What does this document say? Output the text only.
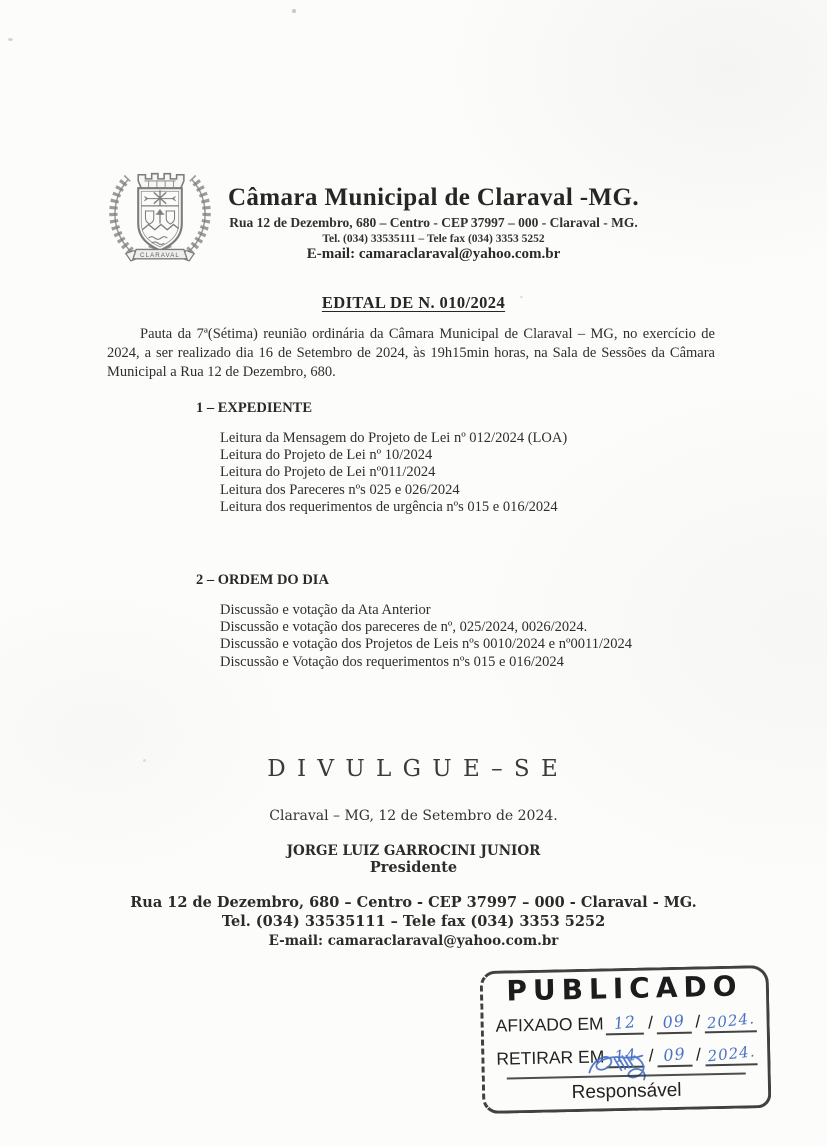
CLARAVAL
Câmara Municipal de Claraval -MG.
Rua 12 de Dezembro, 680 – Centro - CEP 37997 – 000 - Claraval - MG.
Tel. (034) 33535111 – Tele fax (034) 3353 5252
E-mail: camaraclaraval@yahoo.com.br
EDITAL DE N. 010/2024

Pauta da 7ª(Sétima) reunião ordinária da Câmara Municipal de Claraval – MG, no exercício de 2024, a ser realizado dia 16 de Setembro de 2024, às 19h15min horas, na Sala de Sessões da Câmara Municipal a Rua 12 de Dezembro, 680.

1 – EXPEDIENTE
Leitura da Mensagem do Projeto de Lei nº 012/2024 (LOA)
Leitura do Projeto de Lei nº 10/2024
Leitura do Projeto de Lei nº011/2024
Leitura dos Pareceres nºs 025 e 026/2024
Leitura dos requerimentos de urgência nºs 015 e 016/2024
2 – ORDEM DO DIA
Discussão e votação da Ata Anterior
Discussão e votação dos pareceres de nº, 025/2024, 0026/2024.
Discussão e votação dos Projetos de Leis nºs 0010/2024 e nº0011/2024
Discussão e Votação dos requerimentos nºs 015 e 016/2024
D I V U L G U E – S E
Claraval – MG, 12 de Setembro de 2024.
JORGE LUIZ GARROCINI JUNIOR
Presidente
Rua 12 de Dezembro, 680 – Centro - CEP 37997 – 000 - Claraval - MG.
Tel. (034) 33535111 – Tele fax (034) 3353 5252
E-mail: camaraclaraval@yahoo.com.br
PUBLICADO
AFIXADO EM 12 / 09 / 2024.
RETIRAR EM 14 / 09 / 2024.
Responsável
